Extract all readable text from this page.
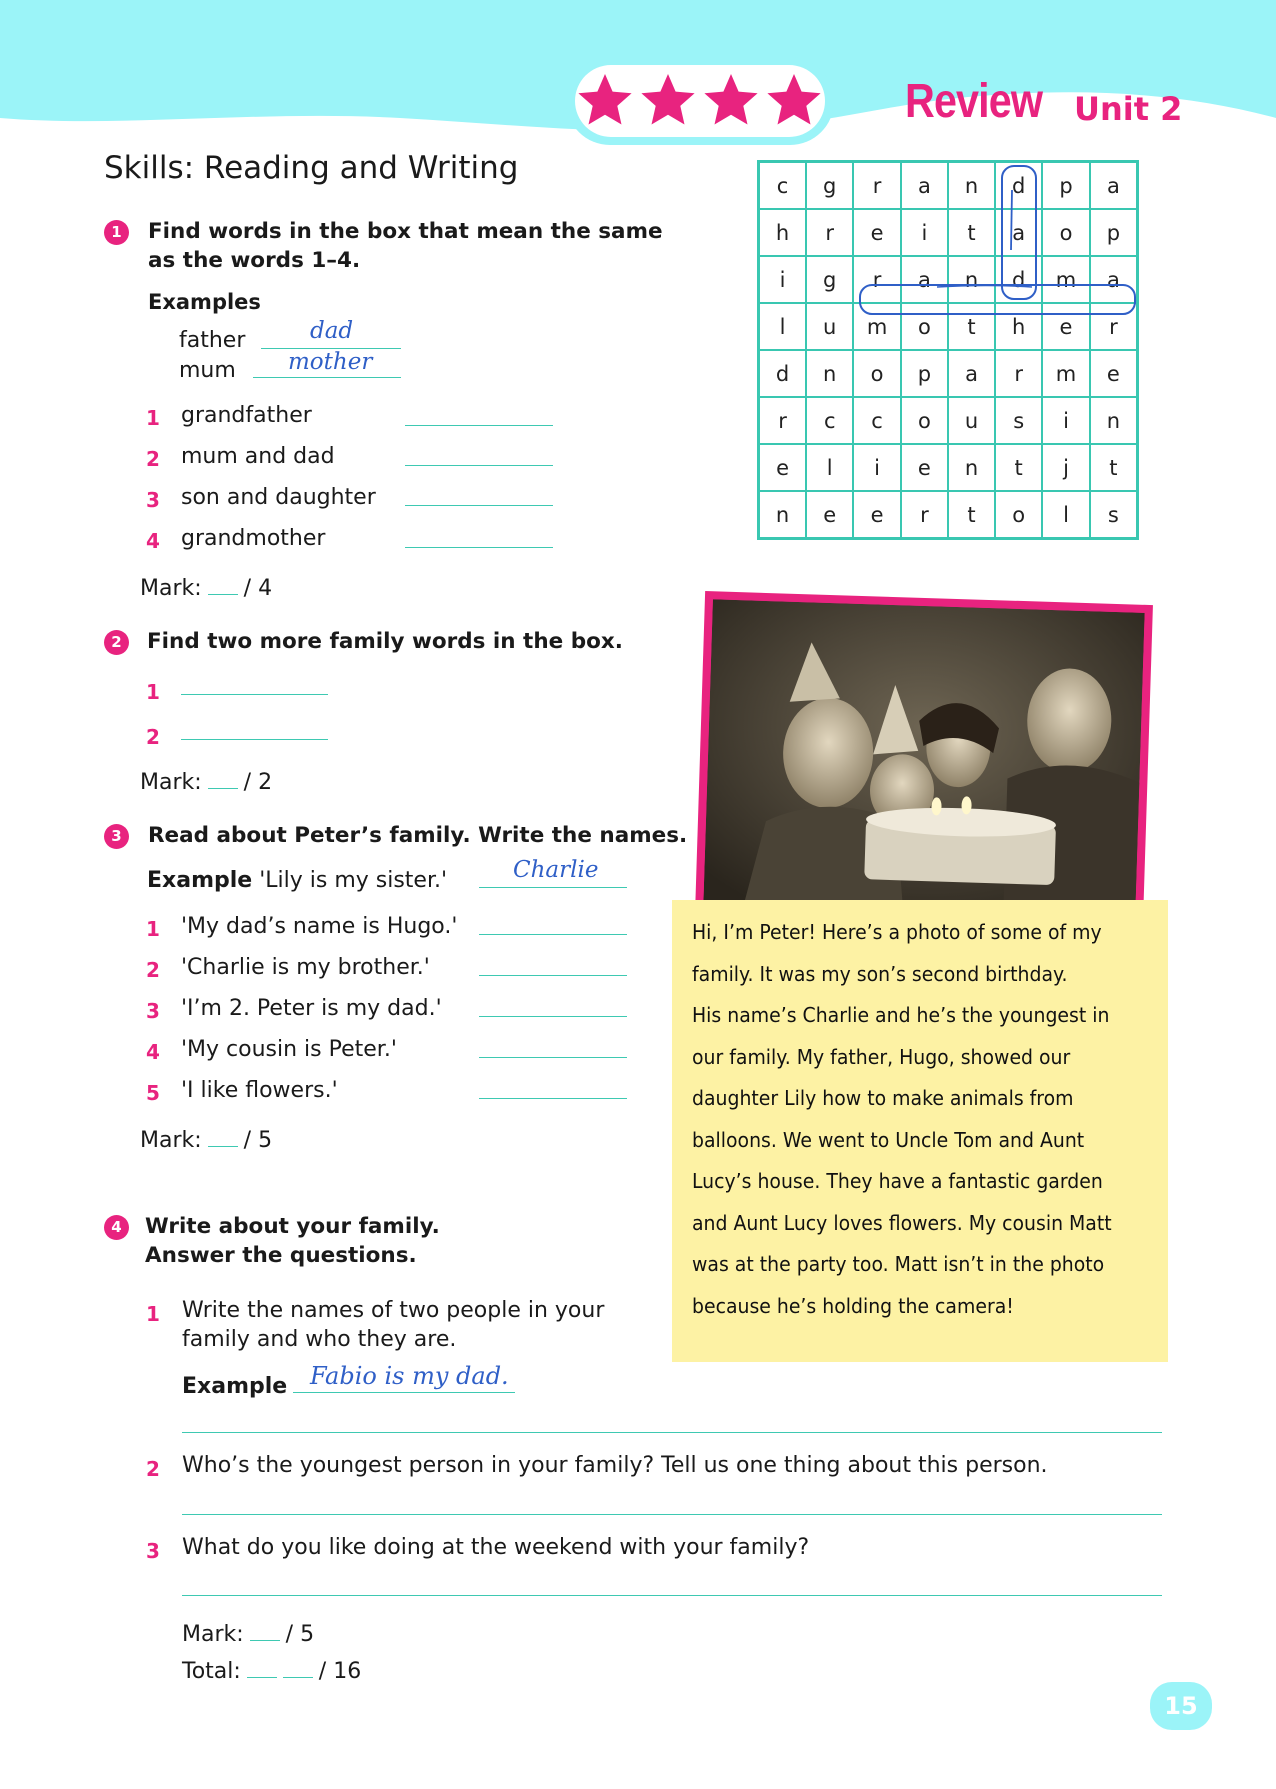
Review Unit 2
Skills: Reading and Writing
1	Find words in the box that mean the same
as the words 1–4.
Examples
father	dad
mum mother
1 grandfather
2 mum and dad
3 son and daughter
4 grandmother
Mark: / 4
2	Find two more family words in the box.
1
2
Mark: / 2
3	Read about Peter’s family. Write the names.
Example 'Lily is my sister.'	Charlie
1 'My dad’s name is Hugo.'
2 'Charlie is my brother.'
3 'I’m 2. Peter is my dad.'
4 'My cousin is Peter.'
5 'I like flowers.'
Mark: / 5
4	Write about your family.
Answer the questions.
1 Write the names of two people in your
family and who they are.
Example Fabio is my dad.
2 Who’s the youngest person in your family? Tell us one thing about this person.
3 What do you like doing at the weekend with your family?
Mark: / 5
Total:	/ 16
c	g	r	a	n	d	p	a
h	r	e	i	t	a	o	p
i	g	r	a	n	d	m	a
l	u	m	o	t	h	e	r
d	n	o	p	a	r	m	e
r	c	c	o	u	s	i	n
e	l	i	e	n	t	j	t
n	e	e	r	t	o	l	s
Hi, I’m Peter! Here’s a photo of some of my
family. It was my son’s second birthday.
His name’s Charlie and he’s the youngest in
our family. My father, Hugo, showed our
daughter Lily how to make animals from
balloons. We went to Uncle Tom and Aunt
Lucy’s house. They have a fantastic garden
and Aunt Lucy loves flowers. My cousin Matt
was at the party too. Matt isn’t in the photo
because he’s holding the camera!
15
